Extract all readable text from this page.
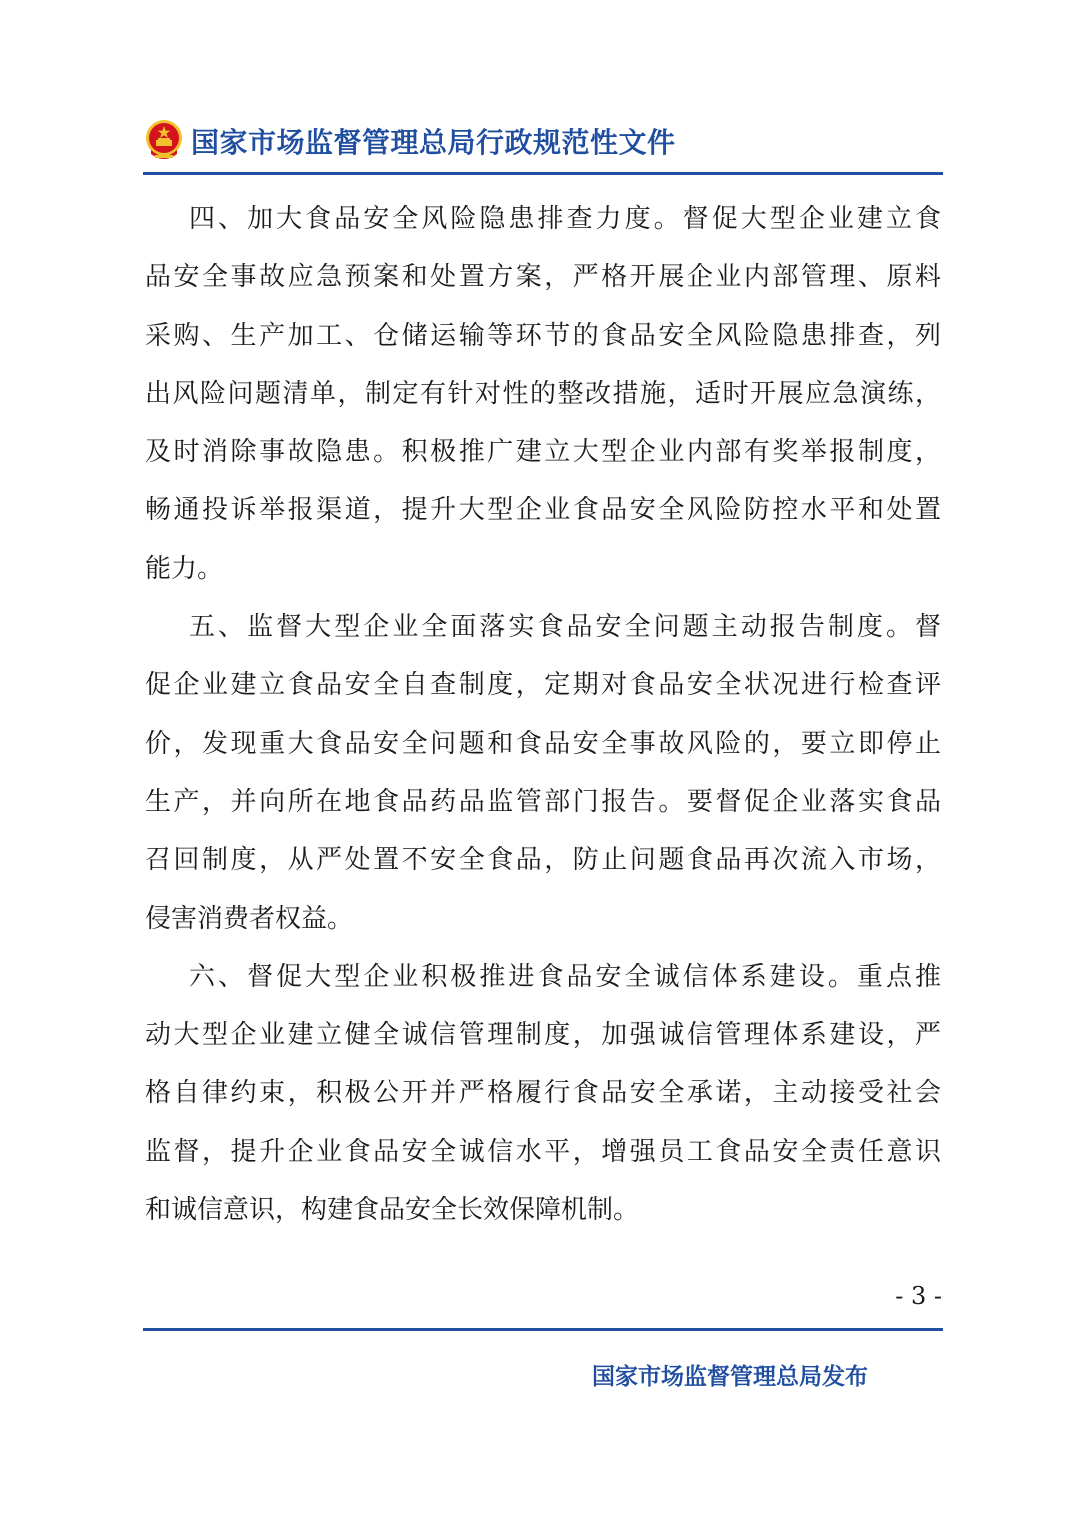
国家市场监督管理总局行政规范性文件
四、加大食品安全风险隐患排查力度。督促大型企业建立食
品安全事故应急预案和处置方案，严格开展企业内部管理、原料
采购、生产加工、仓储运输等环节的食品安全风险隐患排查，列
出风险问题清单，制定有针对性的整改措施，适时开展应急演练，
及时消除事故隐患。积极推广建立大型企业内部有奖举报制度，
畅通投诉举报渠道，提升大型企业食品安全风险防控水平和处置
能力。
五、监督大型企业全面落实食品安全问题主动报告制度。督
促企业建立食品安全自查制度，定期对食品安全状况进行检查评
价，发现重大食品安全问题和食品安全事故风险的，要立即停止
生产，并向所在地食品药品监管部门报告。要督促企业落实食品
召回制度，从严处置不安全食品，防止问题食品再次流入市场，
侵害消费者权益。
六、督促大型企业积极推进食品安全诚信体系建设。重点推
动大型企业建立健全诚信管理制度，加强诚信管理体系建设，严
格自律约束，积极公开并严格履行食品安全承诺，主动接受社会
监督，提升企业食品安全诚信水平，增强员工食品安全责任意识
和诚信意识，构建食品安全长效保障机制。
- 3 -
国家市场监督管理总局发布
